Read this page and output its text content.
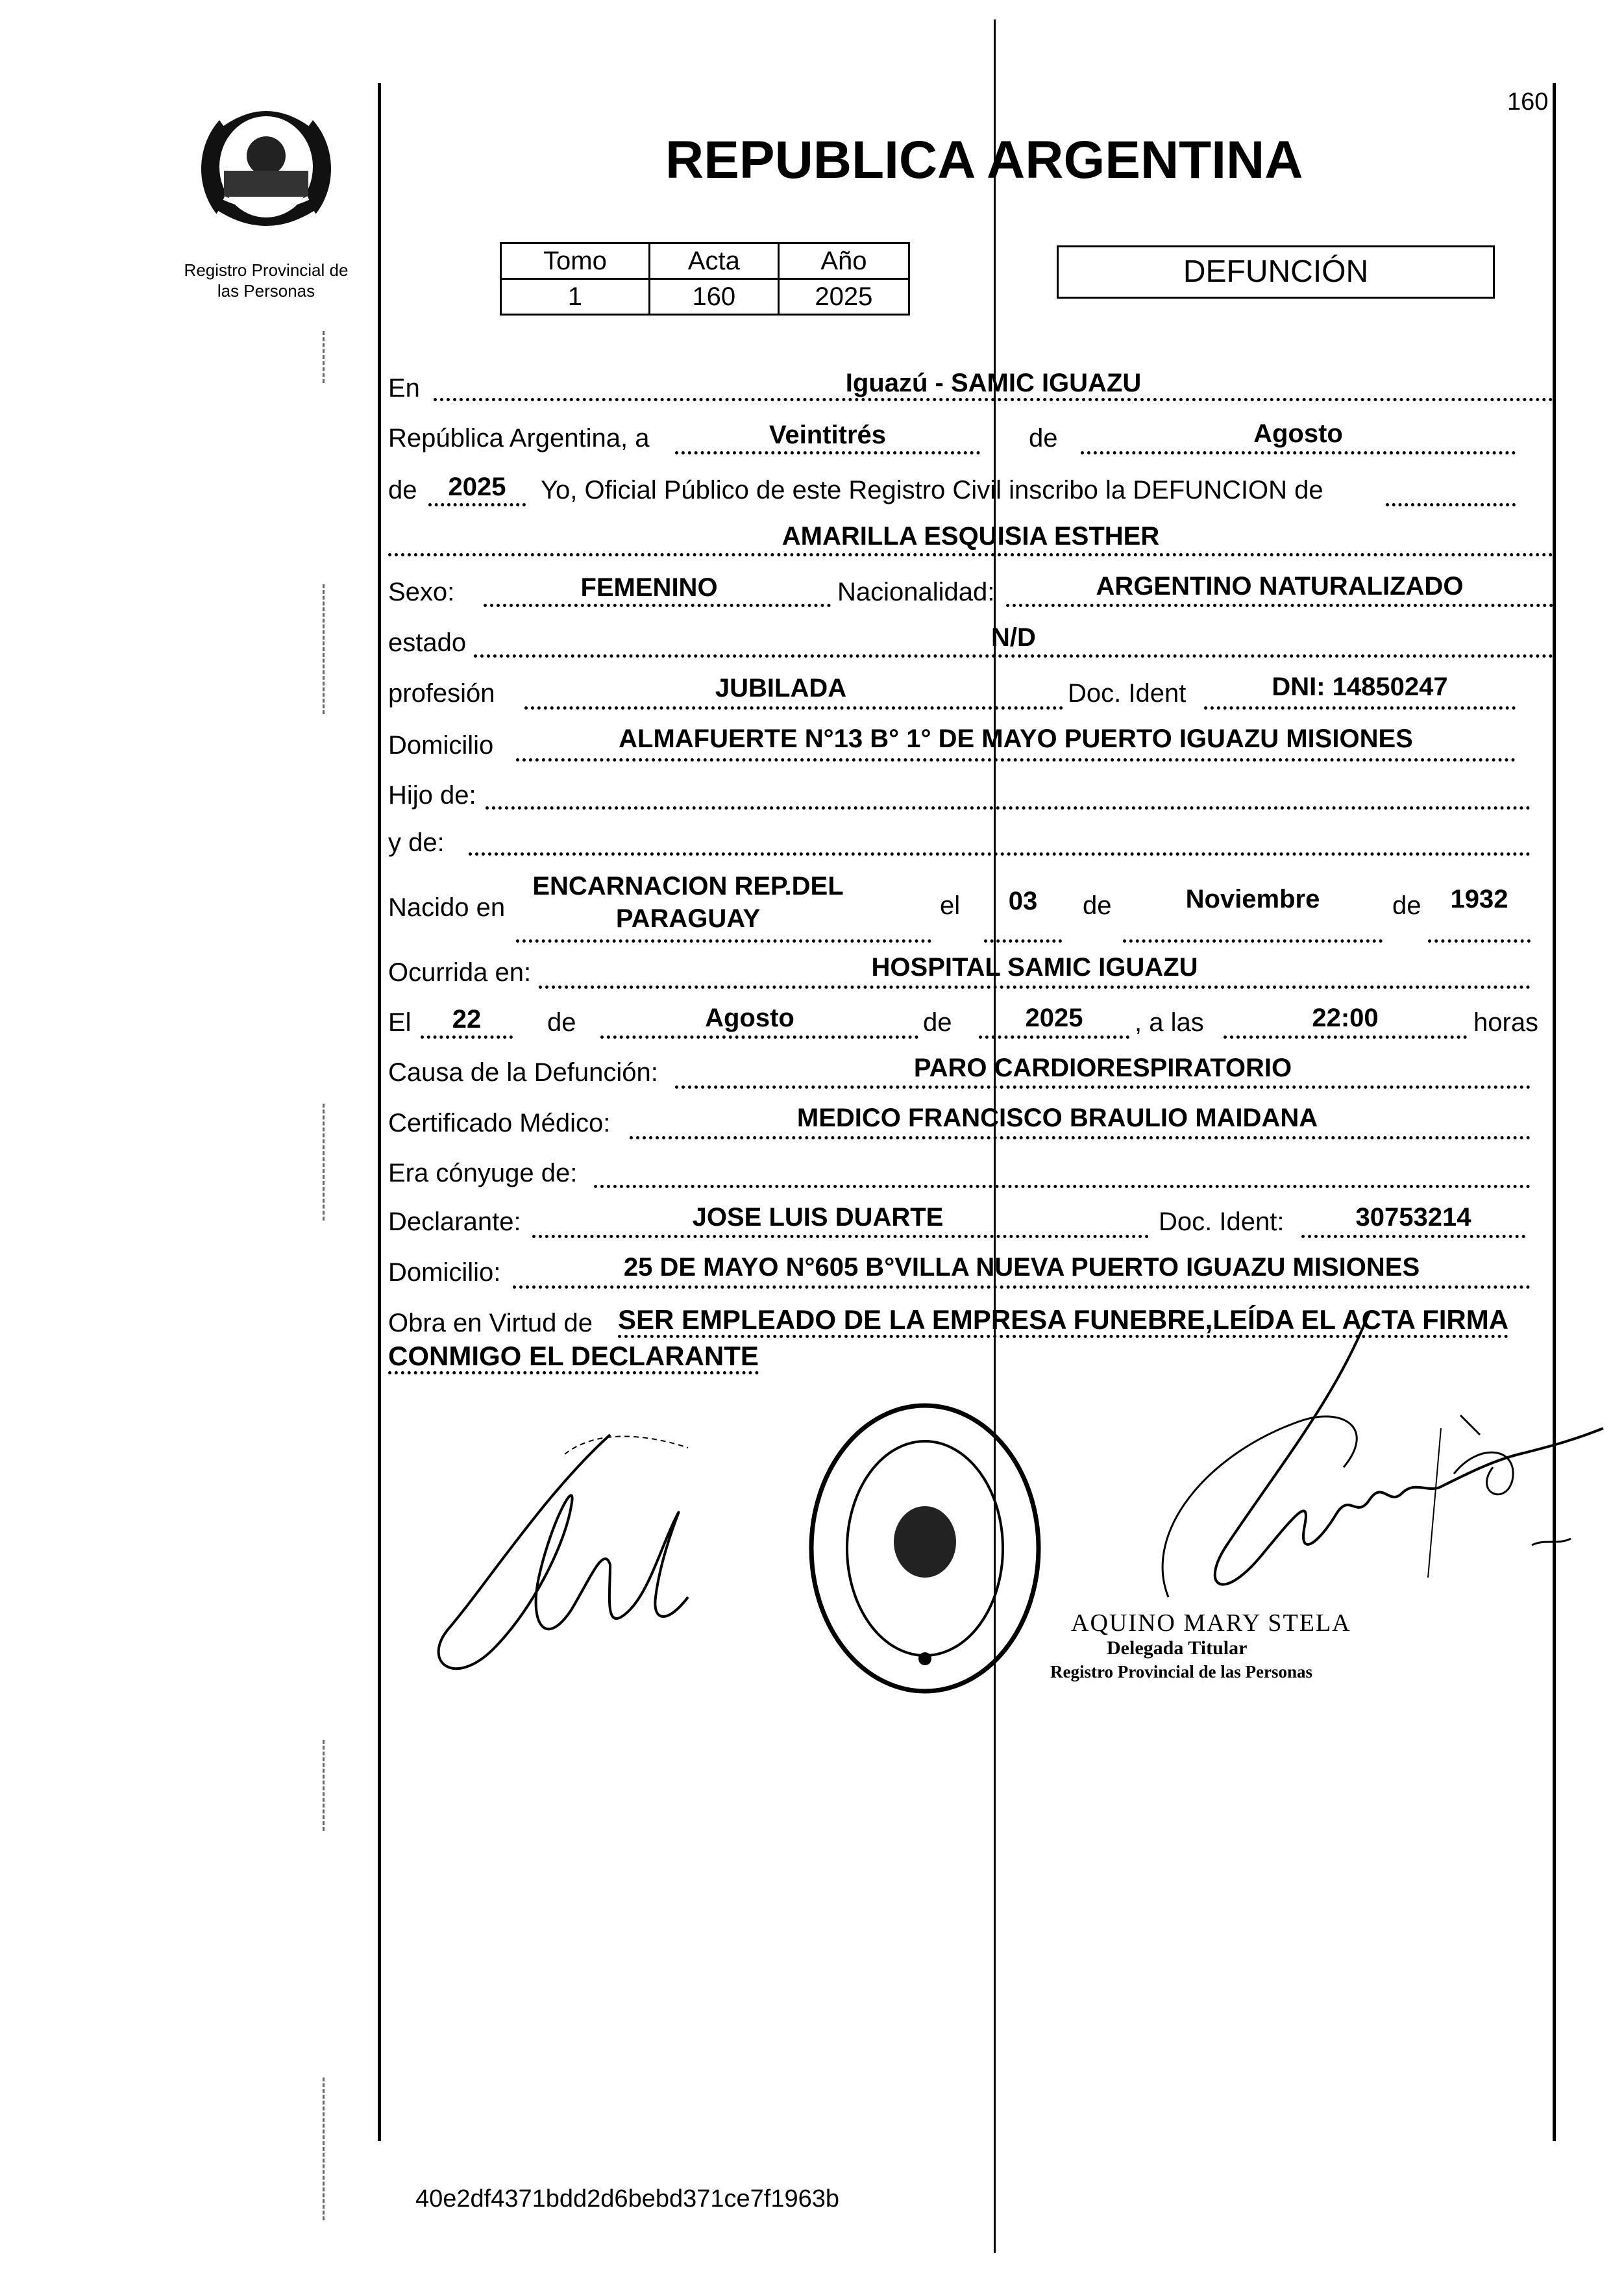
160
Registro Provincial de
las Personas
REPUBLICA ARGENTINA
Tomo	Acta	Año
1	160	2025
DEFUNCIÓN
En	Iguazú - SAMIC IGUAZU
República Argentina, a	Veintitrés	de	Agosto
de	2025	Yo, Oficial Público de este Registro Civil inscribo la DEFUNCION de
AMARILLA ESQUISIA ESTHER
Sexo:	FEMENINO	Nacionalidad:	ARGENTINO NATURALIZADO
estado	N/D
profesión	JUBILADA	Doc. Ident	DNI: 14850247
Domicilio	ALMAFUERTE N°13 B° 1° DE MAYO PUERTO IGUAZU MISIONES
Hijo de:
y de:
Nacido en
ENCARNACION REP.DEL
PARAGUAY	el	03	de	Noviembre	de	1932
Ocurrida en:	HOSPITAL SAMIC IGUAZU
El	22	de	Agosto	de	2025	, a las	22:00	horas
Causa de la Defunción:	PARO CARDIORESPIRATORIO
Certificado Médico:	MEDICO FRANCISCO BRAULIO MAIDANA
Era cónyuge de:
Declarante:	JOSE LUIS DUARTE	Doc. Ident:	30753214
Domicilio:	25 DE MAYO N°605 B°VILLA NUEVA PUERTO IGUAZU MISIONES
Obra en Virtud de SER EMPLEADO DE LA EMPRESA FUNEBRE,LEÍDA EL ACTA FIRMA
CONMIGO EL DECLARANTE
AQUINO MARY STELA
Delegada Titular
Registro Provincial de las Personas
40e2df4371bdd2d6bebd371ce7f1963b
